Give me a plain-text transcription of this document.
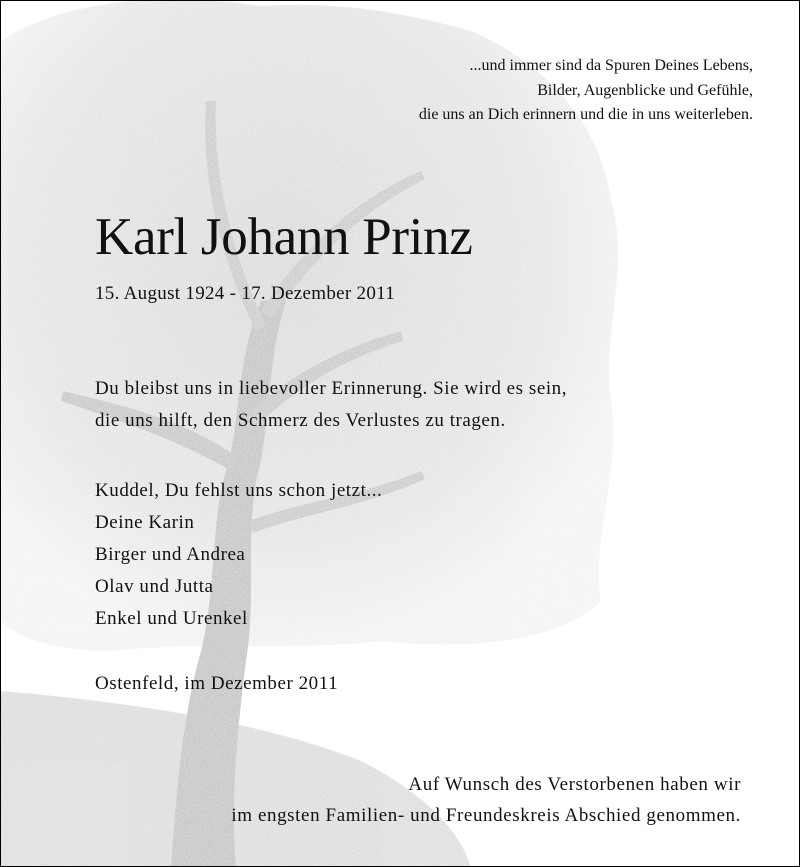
...und immer sind da Spuren Deines Lebens,
Bilder, Augenblicke und Gefühle,
die uns an Dich erinnern und die in uns weiterleben.
Karl Johann Prinz
15. August 1924 - 17. Dezember 2011
Du bleibst uns in liebevoller Erinnerung. Sie wird es sein,
die uns hilft, den Schmerz des Verlustes zu tragen.
Kuddel, Du fehlst uns schon jetzt...
Deine Karin
Birger und Andrea
Olav und Jutta
Enkel und Urenkel
Ostenfeld, im Dezember 2011
Auf Wunsch des Verstorbenen haben wir
im engsten Familien- und Freundeskreis Abschied genommen.
